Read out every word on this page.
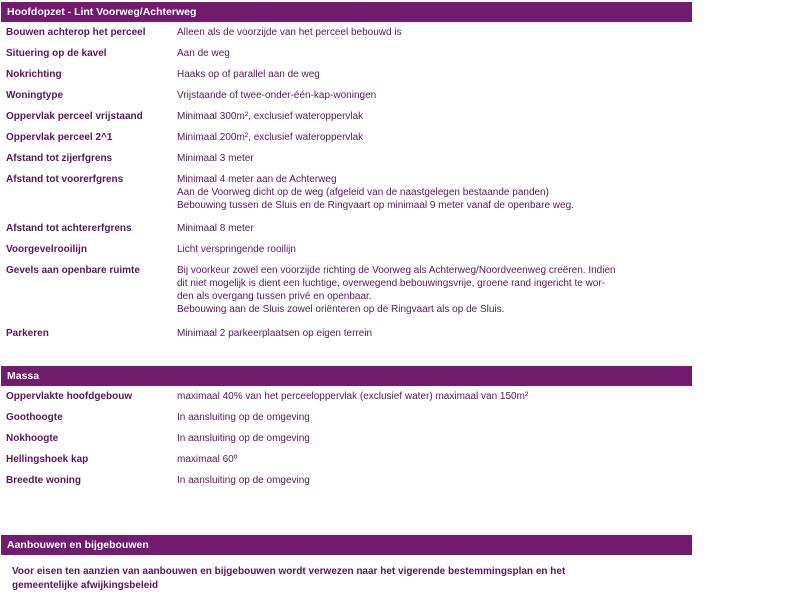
Hoofdopzet - Lint Voorweg/Achterweg
Bouwen achterop het perceel	Alleen als de voorzijde van het perceel bebouwd is
Situering op de kavel	Aan de weg
Nokrichting	Haaks op of parallel aan de weg
Woningtype	Vrijstaande of twee-onder-één-kap-woningen
Oppervlak perceel vrijstaand	Minimaal 300m², exclusief wateroppervlak
Oppervlak perceel 2^1	Minimaal 200m², exclusief wateroppervlak
Afstand tot zijerfgrens	Minimaal 3 meter
Afstand tot voorerfgrens	Minimaal 4 meter aan de Achterweg
Aan de Voorweg dicht op de weg (afgeleid van de naastgelegen bestaande panden)
Bebouwing tussen de Sluis en de Ringvaart op minimaal 9 meter vanaf de openbare weg.
Afstand tot achtererfgrens	Minimaal 8 meter
Voorgevelrooilijn	Licht verspringende rooilijn
Gevels aan openbare ruimte	Bij voorkeur zowel een voorzijde richting de Voorweg als Achterweg/Noordveenweg creëren. Indien
dit niet mogelijk is dient een luchtige, overwegend bebouwingsvrije, groene rand ingericht te wor-
den als overgang tussen privé en openbaar.
Bebouwing aan de Sluis zowel oriënteren op de Ringvaart als op de Sluis.
Parkeren	Minimaal 2 parkeerplaatsen op eigen terrein
Massa
Oppervlakte hoofdgebouw	maximaal 40% van het perceeloppervlak (exclusief water) maximaal van 150m²
Goothoogte	In aansluiting op de omgeving
Nokhoogte	In aansluiting op de omgeving
Hellingshoek kap	maximaal 60º
Breedte woning	In aansluiting op de omgeving
Aanbouwen en bijgebouwen
Voor eisen ten aanzien van aanbouwen en bijgebouwen wordt verwezen naar het vigerende bestemmingsplan en het
gemeentelijke afwijkingsbeleid
